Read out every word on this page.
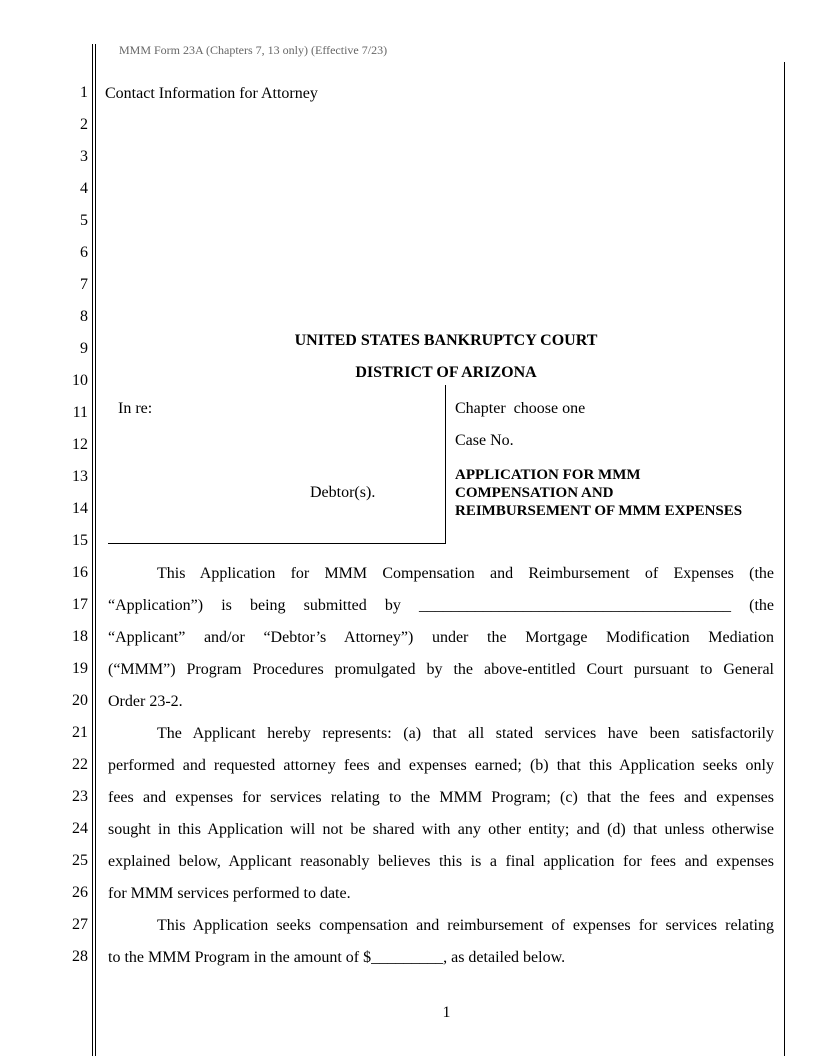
MMM Form 23A (Chapters 7, 13 only) (Effective 7/23)
1
2
3
4
5
6
7
8
9
10
11
12
13
14
15
16
17
18
19
20
21
22
23
24
25
26
27
28
Contact Information for Attorney
UNITED STATES BANKRUPTCY COURT
DISTRICT OF ARIZONA
In re:
Debtor(s).
Chapter choose one
Case No.
APPLICATION FOR MMM
COMPENSATION AND
REIMBURSEMENT OF MMM EXPENSES
This Application for MMM Compensation and Reimbursement of Expenses (the
“Application”) is being submitted by _______________________________________ (the
“Applicant” and/or “Debtor’s Attorney”) under the Mortgage Modification Mediation
(“MMM”) Program Procedures promulgated by the above-entitled Court pursuant to General
Order 23-2.
The Applicant hereby represents: (a) that all stated services have been satisfactorily
performed and requested attorney fees and expenses earned; (b) that this Application seeks only
fees and expenses for services relating to the MMM Program; (c) that the fees and expenses
sought in this Application will not be shared with any other entity; and (d) that unless otherwise
explained below, Applicant reasonably believes this is a final application for fees and expenses
for MMM services performed to date.
This Application seeks compensation and reimbursement of expenses for services relating
to the MMM Program in the amount of $_________, as detailed below.
1
